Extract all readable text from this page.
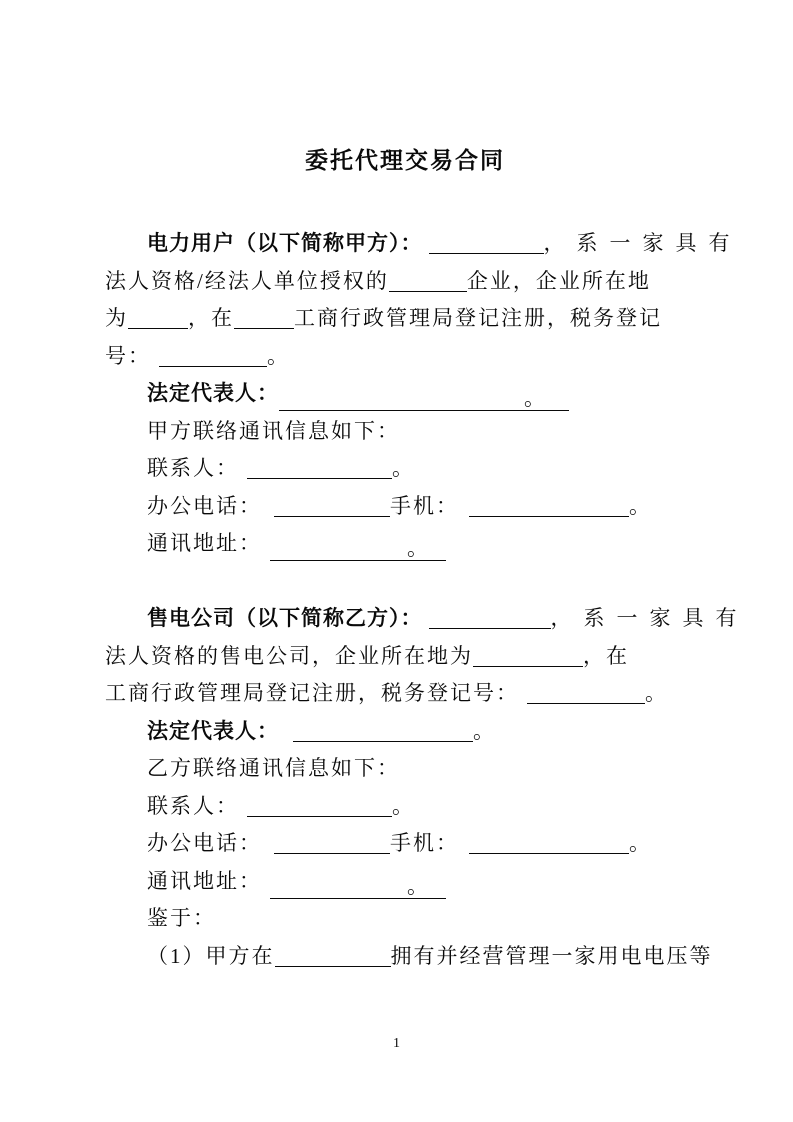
委托代理交易合同
电力用户（以下简称甲方）：	，系一家具有
法人资格/经法人单位授权的	企业，企业所在地
为	，在	工商行政管理局登记注册，税务登记
号：	。
法定代表人：	。
甲方联络通讯信息如下：
联系人：	。
办公电话：	手机：	。
通讯地址：	。
售电公司（以下简称乙方）：	，系一家具有
法人资格的售电公司，企业所在地为	，在
工商行政管理局登记注册，税务登记号：	。
法定代表人：	。
乙方联络通讯信息如下：
联系人：	。
办公电话：	手机：	。
通讯地址：	。
鉴于：
（1）甲方在	拥有并经营管理一家用电电压等
1
